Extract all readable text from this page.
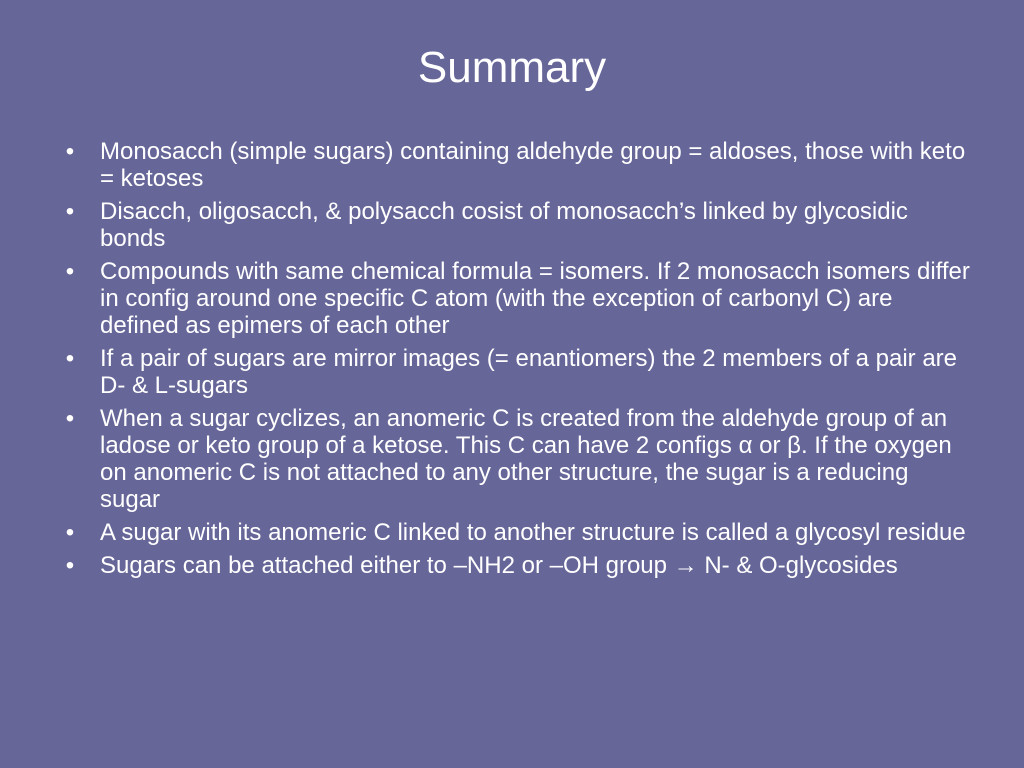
Summary
• Monosacch (simple sugars) containing aldehyde group = aldoses, those with keto = ketoses
• Disacch, oligosacch, & polysacch cosist of monosacch’s linked by glycosidic bonds
• Compounds with same chemical formula = isomers. If 2 monosacch isomers differ in config around one specific C atom (with the exception of carbonyl C) are defined as epimers of each other
• If a pair of sugars are mirror images (= enantiomers) the 2 members of a pair are D- & L-sugars
• When a sugar cyclizes, an anomeric C is created from the aldehyde group of an ladose or keto group of a ketose. This C can have 2 configs α or β. If the oxygen on anomeric C is not attached to any other structure, the sugar is a reducing sugar
• A sugar with its anomeric C linked to another structure is called a glycosyl residue
• Sugars can be attached either to –NH2 or –OH group → N- & O-glycosides
